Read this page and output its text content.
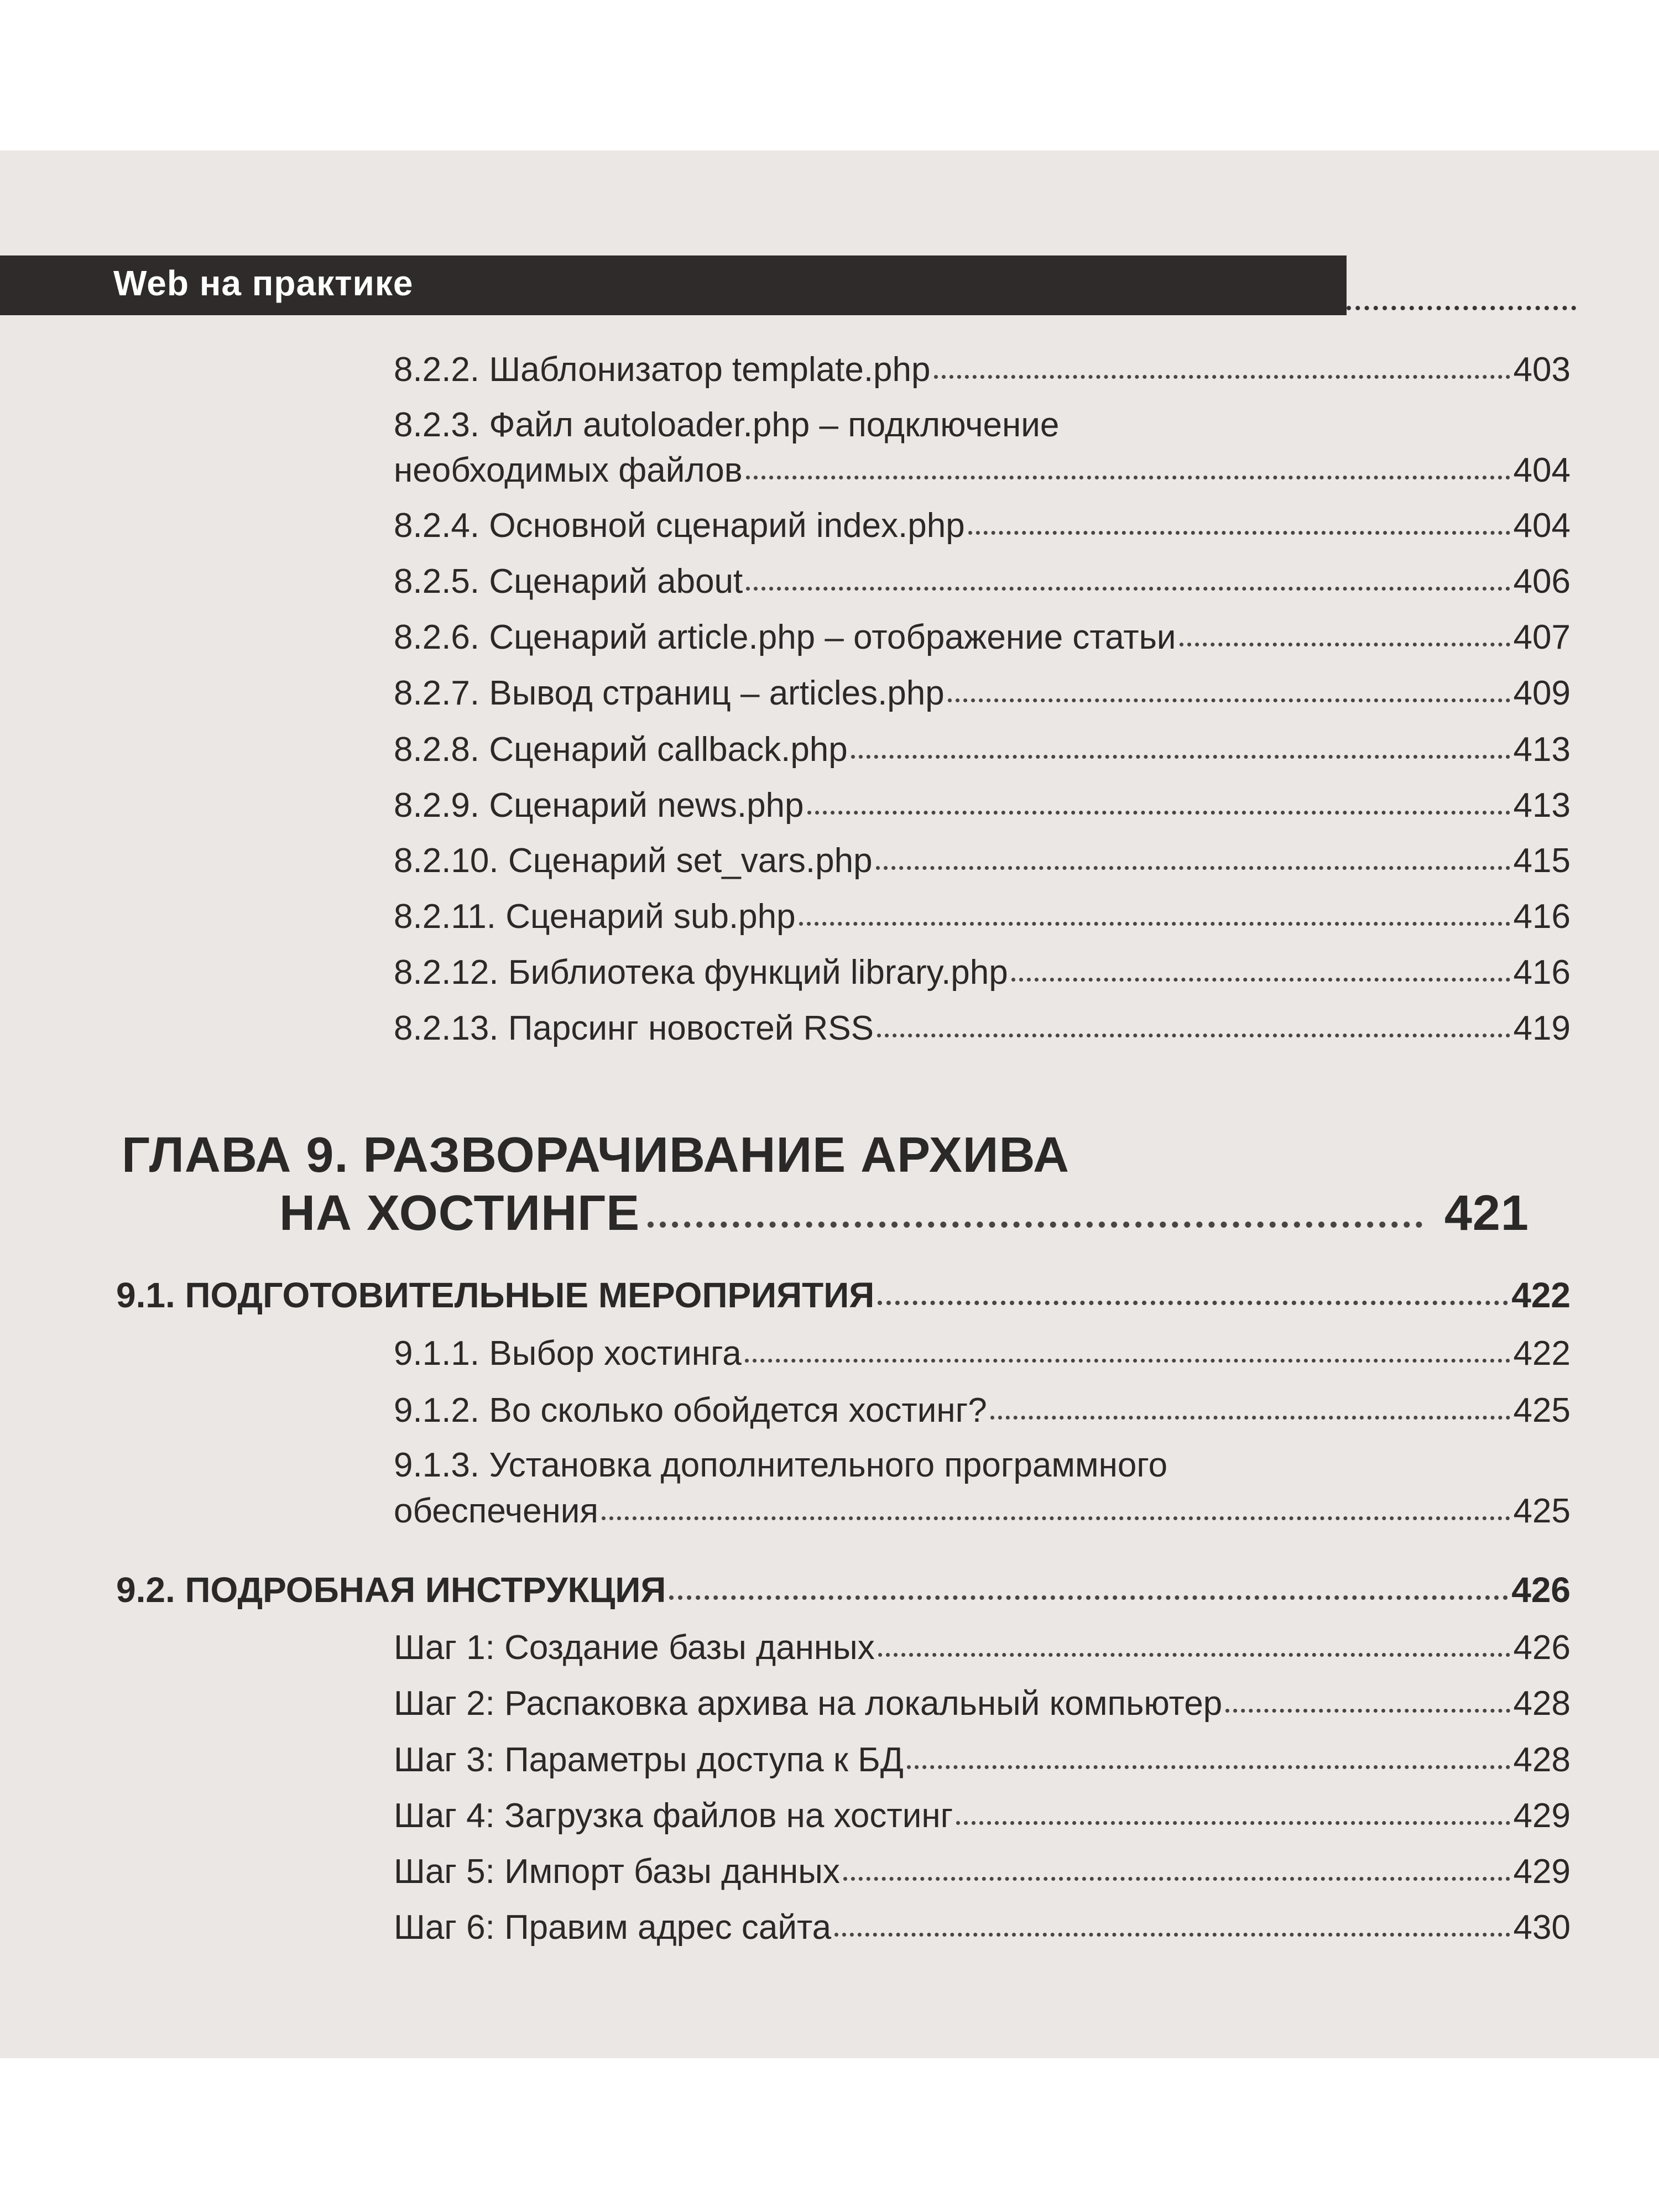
Web на практике
8.2.2. Шаблонизатор template.php	403
8.2.3. Файл autoloader.php – подключение
необходимых файлов	404
8.2.4. Основной сценарий index.php	404
8.2.5. Сценарий about	406
8.2.6. Сценарий article.php – отображение статьи	407
8.2.7. Вывод страниц – articles.php	409
8.2.8. Сценарий callback.php	413
8.2.9. Сценарий news.php	413
8.2.10. Сценарий set_vars.php	415
8.2.11. Сценарий sub.php	416
8.2.12. Библиотека функций library.php	416
8.2.13. Парсинг новостей RSS	419
ГЛАВА 9. РАЗВОРАЧИВАНИЕ АРХИВА
НА ХОСТИНГЕ	421
9.1. ПОДГОТОВИТЕЛЬНЫЕ МЕРОПРИЯТИЯ	422
9.1.1. Выбор хостинга	422
9.1.2. Во сколько обойдется хостинг?	425
9.1.3. Установка дополнительного программного
обеспечения	425
9.2. ПОДРОБНАЯ ИНСТРУКЦИЯ	426
Шаг 1: Создание базы данных	426
Шаг 2: Распаковка архива на локальный компьютер	428
Шаг 3: Параметры доступа к БД	428
Шаг 4: Загрузка файлов на хостинг	429
Шаг 5: Импорт базы данных	429
Шаг 6: Правим адрес сайта	430
